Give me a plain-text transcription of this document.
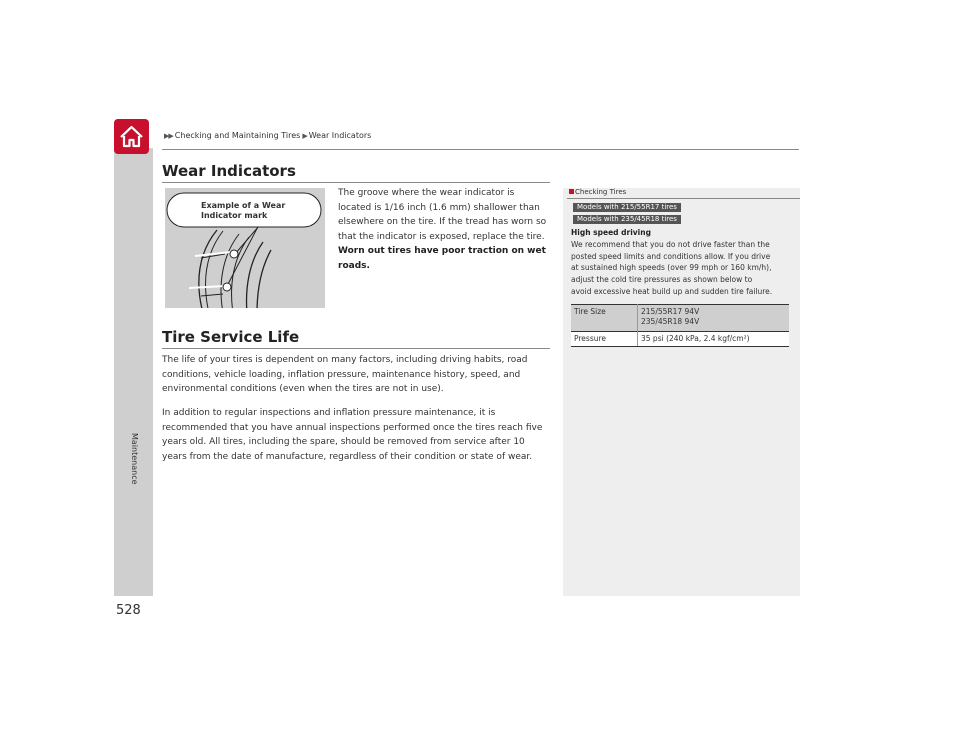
Maintenance
528
▶▶ Checking and Maintaining Tires ▶ Wear Indicators
Wear Indicators
Example of a Wear
Indicator mark
The groove where the wear indicator is
located is 1/16 inch (1.6 mm) shallower than
elsewhere on the tire. If the tread has worn so
that the indicator is exposed, replace the tire.
Worn out tires have poor traction on wet
roads.
Tire Service Life
The life of your tires is dependent on many factors, including driving habits, road
conditions, vehicle loading, inflation pressure, maintenance history, speed, and
environmental conditions (even when the tires are not in use).
In addition to regular inspections and inflation pressure maintenance, it is
recommended that you have annual inspections performed once the tires reach five
years old. All tires, including the spare, should be removed from service after 10
years from the date of manufacture, regardless of their condition or state of wear.
Checking Tires
Models with 215/55R17 tires
Models with 235/45R18 tires
High speed driving
We recommend that you do not drive faster than the
posted speed limits and conditions allow. If you drive
at sustained high speeds (over 99 mph or 160 km/h),
adjust the cold tire pressures as shown below to
avoid excessive heat build up and sudden tire failure.
Tire Size	215/55R17 94V
235/45R18 94V

Pressure	35 psi (240 kPa, 2.4 kgf/cm²)
